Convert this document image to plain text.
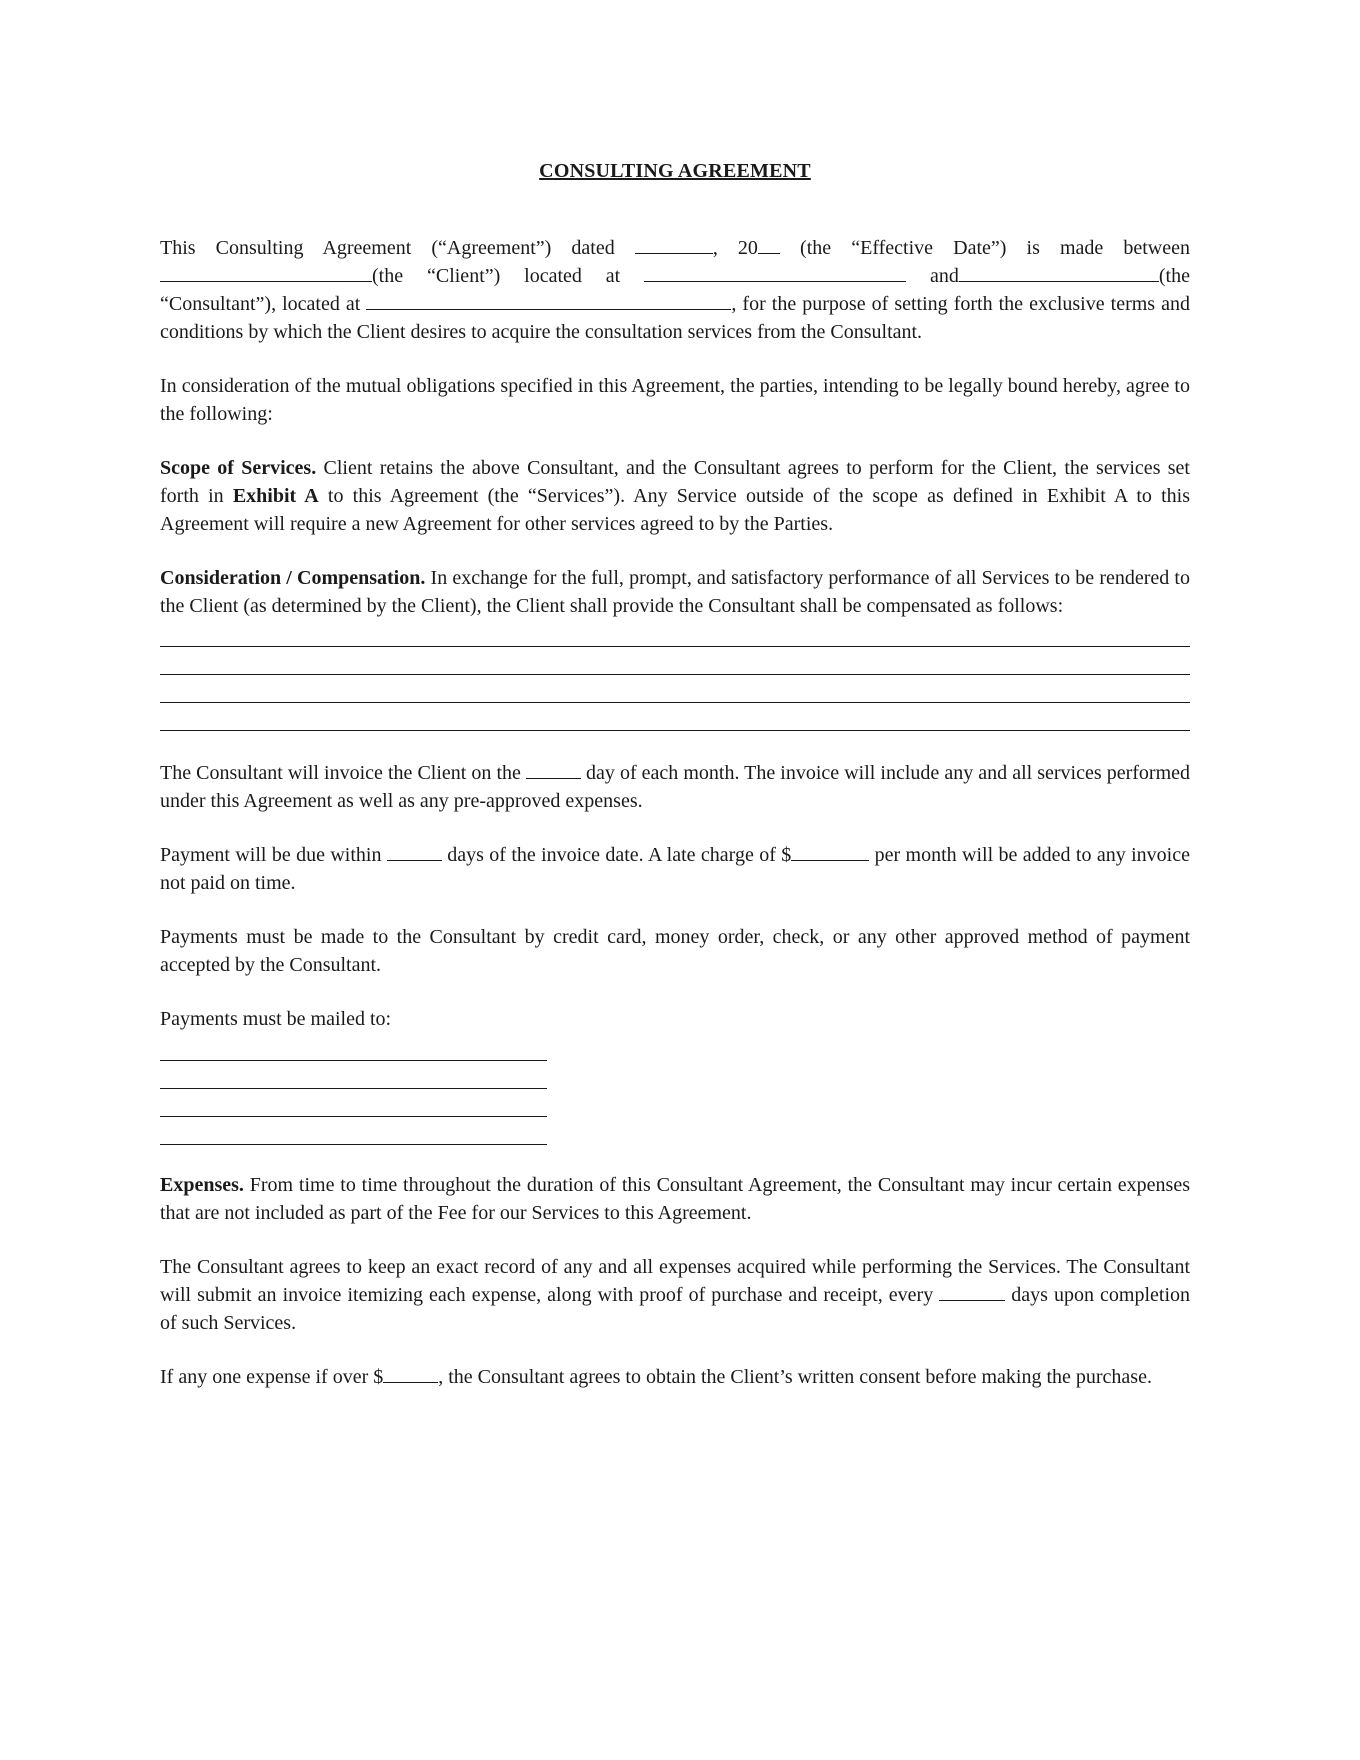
CONSULTING AGREEMENT

This Consulting Agreement (“Agreement”) dated	, 20 (the “Effective Date”) is made between (the “Client”) located at	and	(the “Consultant”), located at	, for the purpose of setting forth the exclusive terms and conditions by which the Client desires to acquire the consultation services from the Consultant.

In consideration of the mutual obligations specified in this Agreement, the parties, intending to be legally bound hereby, agree to the following:

Scope of Services. Client retains the above Consultant, and the Consultant agrees to perform for the Client, the services set forth in Exhibit A to this Agreement (the “Services”). Any Service outside of the scope as defined in Exhibit A to this Agreement will require a new Agreement for other services agreed to by the Parties.

Consideration / Compensation. In exchange for the full, prompt, and satisfactory performance of all Services to be rendered to the Client (as determined by the Client), the Client shall provide the Consultant shall be compensated as follows:

The Consultant will invoice the Client on the	day of each month. The invoice will include any and all services performed under this Agreement as well as any pre-approved expenses.

Payment will be due within	days of the invoice date. A late charge of $	per month will be added to any invoice not paid on time.

Payments must be made to the Consultant by credit card, money order, check, or any other approved method of payment accepted by the Consultant.

Payments must be mailed to:

Expenses. From time to time throughout the duration of this Consultant Agreement, the Consultant may incur certain expenses that are not included as part of the Fee for our Services to this Agreement.

The Consultant agrees to keep an exact record of any and all expenses acquired while performing the Services. The Consultant will submit an invoice itemizing each expense, along with proof of purchase and receipt, every	days upon completion of such Services.

If any one expense if over $	, the Consultant agrees to obtain the Client’s written consent before making the purchase.
